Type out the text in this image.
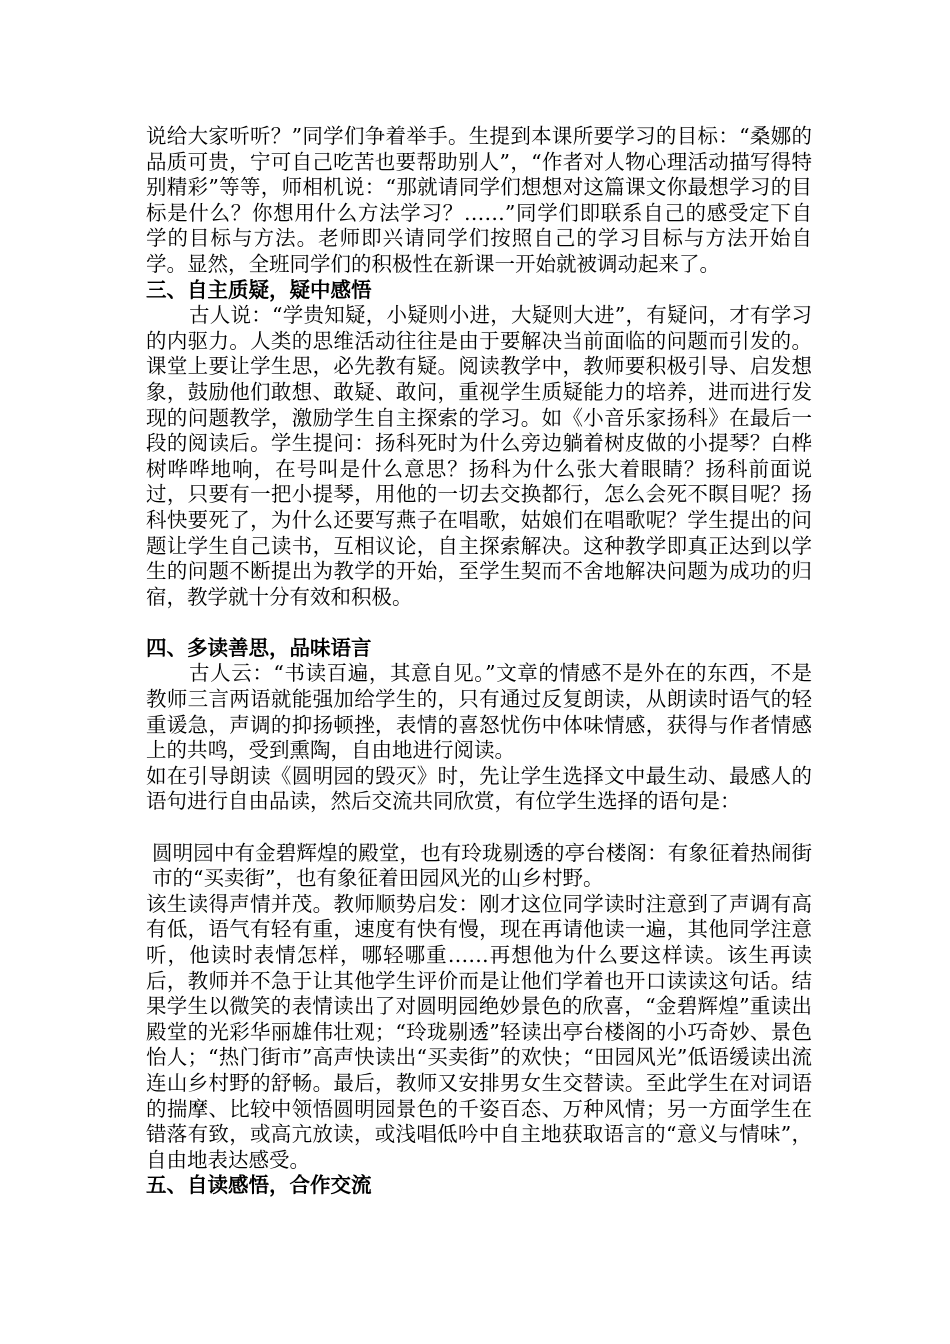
说给大家听听？”同学们争着举手。生提到本课所要学习的目标：“桑娜的品质可贵，宁可自己吃苦也要帮助别人”，“作者对人物心理活动描写得特别精彩”等等，师相机说：“那就请同学们想想对这篇课文你最想学习的目标是什么？你想用什么方法学习？……”同学们即联系自己的感受定下自学的目标与方法。老师即兴请同学们按照自己的学习目标与方法开始自学。显然，全班同学们的积极性在新课一开始就被调动起来了。

三、自主质疑，疑中感悟

古人说：“学贵知疑，小疑则小进，大疑则大进”，有疑问，才有学习的内驱力。人类的思维活动往往是由于要解决当前面临的问题而引发的。课堂上要让学生思，必先教有疑。阅读教学中，教师要积极引导、启发想象，鼓励他们敢想、敢疑、敢问，重视学生质疑能力的培养，进而进行发现的问题教学，激励学生自主探索的学习。如《小音乐家扬科》在最后一段的阅读后。学生提问：扬科死时为什么旁边躺着树皮做的小提琴？白桦树哗哗地响，在号叫是什么意思？扬科为什么张大着眼睛？扬科前面说过，只要有一把小提琴，用他的一切去交换都行，怎么会死不瞑目呢？扬科快要死了，为什么还要写燕子在唱歌，姑娘们在唱歌呢？学生提出的问题让学生自己读书，互相议论，自主探索解决。这种教学即真正达到以学生的问题不断提出为教学的开始，至学生契而不舍地解决问题为成功的归宿，教学就十分有效和积极。

四、多读善思，品味语言

古人云：“书读百遍，其意自见。”文章的情感不是外在的东西，不是教师三言两语就能强加给学生的，只有通过反复朗读，从朗读时语气的轻重谖急，声调的抑扬顿挫，表情的喜怒忧伤中体味情感，获得与作者情感上的共鸣，受到熏陶，自由地进行阅读。

如在引导朗读《圆明园的毁灭》时，先让学生选择文中最生动、最感人的语句进行自由品读，然后交流共同欣赏，有位学生选择的语句是：

圆明园中有金碧辉煌的殿堂，也有玲珑剔透的亭台楼阁：有象征着热闹街市的“买卖街”，也有象征着田园风光的山乡村野。

该生读得声情并茂。教师顺势启发：刚才这位同学读时注意到了声调有高有低，语气有轻有重，速度有快有慢，现在再请他读一遍，其他同学注意听，他读时表情怎样，哪轻哪重……再想他为什么要这样读。该生再读后，教师并不急于让其他学生评价而是让他们学着也开口读读这句话。结果学生以微笑的表情读出了对圆明园绝妙景色的欣喜，“金碧辉煌”重读出殿堂的光彩华丽雄伟壮观；“玲珑剔透”轻读出亭台楼阁的小巧奇妙、景色怡人；“热门街市”高声快读出“买卖街”的欢快；“田园风光”低语缓读出流连山乡村野的舒畅。最后，教师又安排男女生交替读。至此学生在对词语的揣摩、比较中领悟圆明园景色的千姿百态、万种风情；另一方面学生在错落有致，或高亢放读，或浅唱低吟中自主地获取语言的“意义与情味”，自由地表达感受。

五、自读感悟，合作交流
